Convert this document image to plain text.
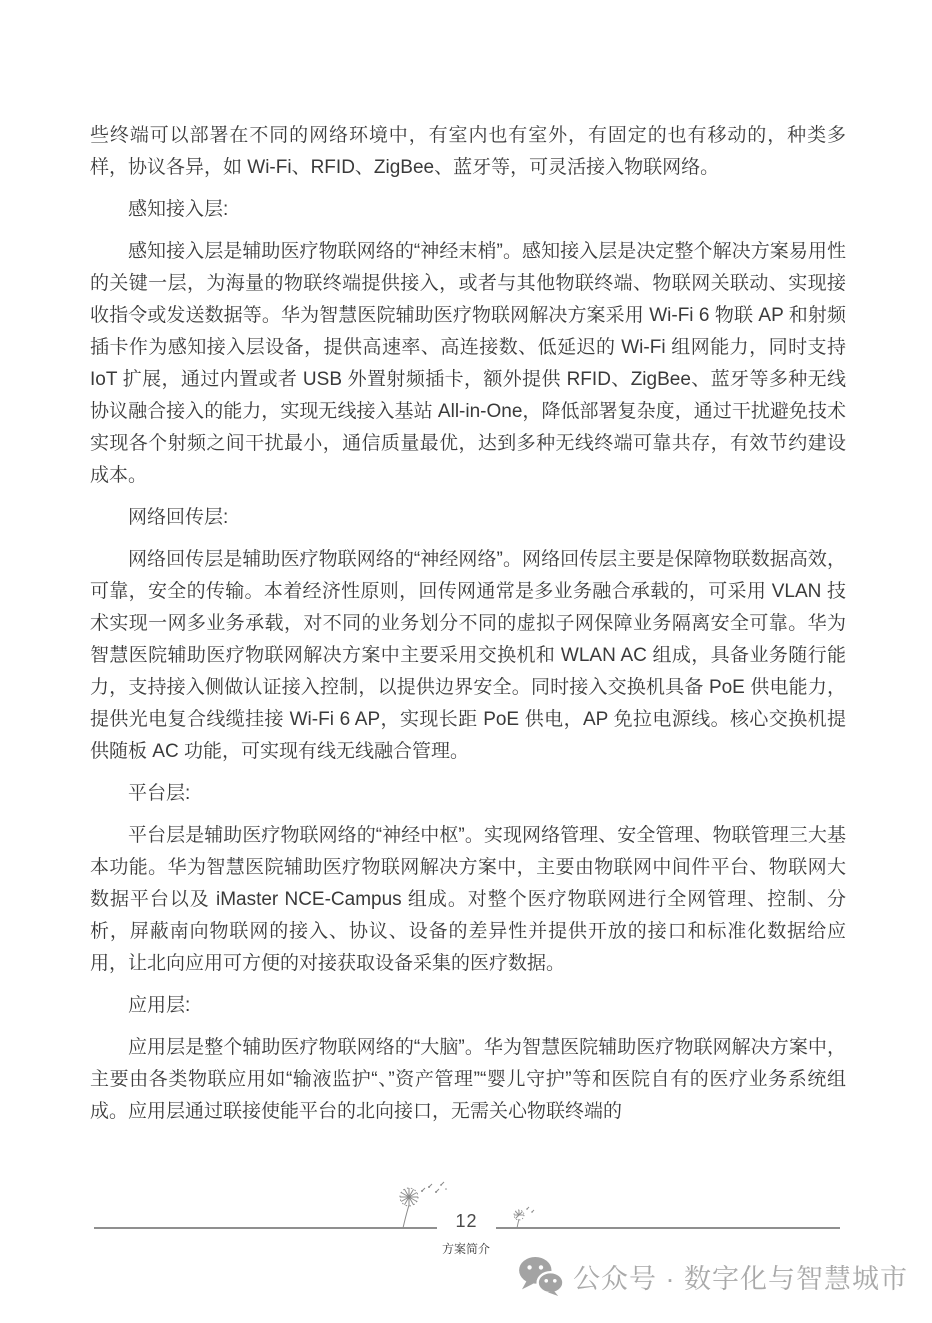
些终端可以部署在不同的网络环境中，有室内也有室外，有固定的也有移动的，种类多样，协议各异，如 Wi-Fi、RFID、ZigBee、蓝牙等，可灵活接入物联网络。

感知接入层:

感知接入层是辅助医疗物联网络的“神经末梢”。感知接入层是决定整个解决方案易用性的关键一层，为海量的物联终端提供接入，或者与其他物联终端、物联网关联动、实现接收指令或发送数据等。华为智慧医院辅助医疗物联网解决方案采用 Wi-Fi 6 物联 AP 和射频插卡作为感知接入层设备，提供高速率、高连接数、低延迟的 Wi-Fi 组网能力，同时支持 IoT 扩展，通过内置或者 USB 外置射频插卡，额外提供 RFID、ZigBee、蓝牙等多种无线协议融合接入的能力，实现无线接入基站 All-in-One，降低部署复杂度，通过干扰避免技术实现各个射频之间干扰最小，通信质量最优，达到多种无线终端可靠共存，有效节约建设成本。

网络回传层:

网络回传层是辅助医疗物联网络的“神经网络”。网络回传层主要是保障物联数据高效，可靠，安全的传输。本着经济性原则，回传网通常是多业务融合承载的，可采用 VLAN 技术实现一网多业务承载，对不同的业务划分不同的虚拟子网保障业务隔离安全可靠。华为智慧医院辅助医疗物联网解决方案中主要采用交换机和 WLAN AC 组成，具备业务随行能力，支持接入侧做认证接入控制，以提供边界安全。同时接入交换机具备 PoE 供电能力，提供光电复合线缆挂接 Wi-Fi 6 AP，实现长距 PoE 供电，AP 免拉电源线。核心交换机提供随板 AC 功能，可实现有线无线融合管理。

平台层:

平台层是辅助医疗物联网络的“神经中枢”。实现网络管理、安全管理、物联管理三大基本功能。华为智慧医院辅助医疗物联网解决方案中，主要由物联网中间件平台、物联网大数据平台以及 iMaster NCE-Campus 组成。对整个医疗物联网进行全网管理、控制、分析，屏蔽南向物联网的接入、协议、设备的差异性并提供开放的接口和标准化数据给应用，让北向应用可方便的对接获取设备采集的医疗数据。

应用层:

应用层是整个辅助医疗物联网络的“大脑”。华为智慧医院辅助医疗物联网解决方案中，主要由各类物联应用如“输液监护“、”资产管理”“婴儿守护”等和医院自有的医疗业务系统组成。应用层通过联接使能平台的北向接口，无需关心物联终端的

12
方案简介
公众号 · 数字化与智慧城市
